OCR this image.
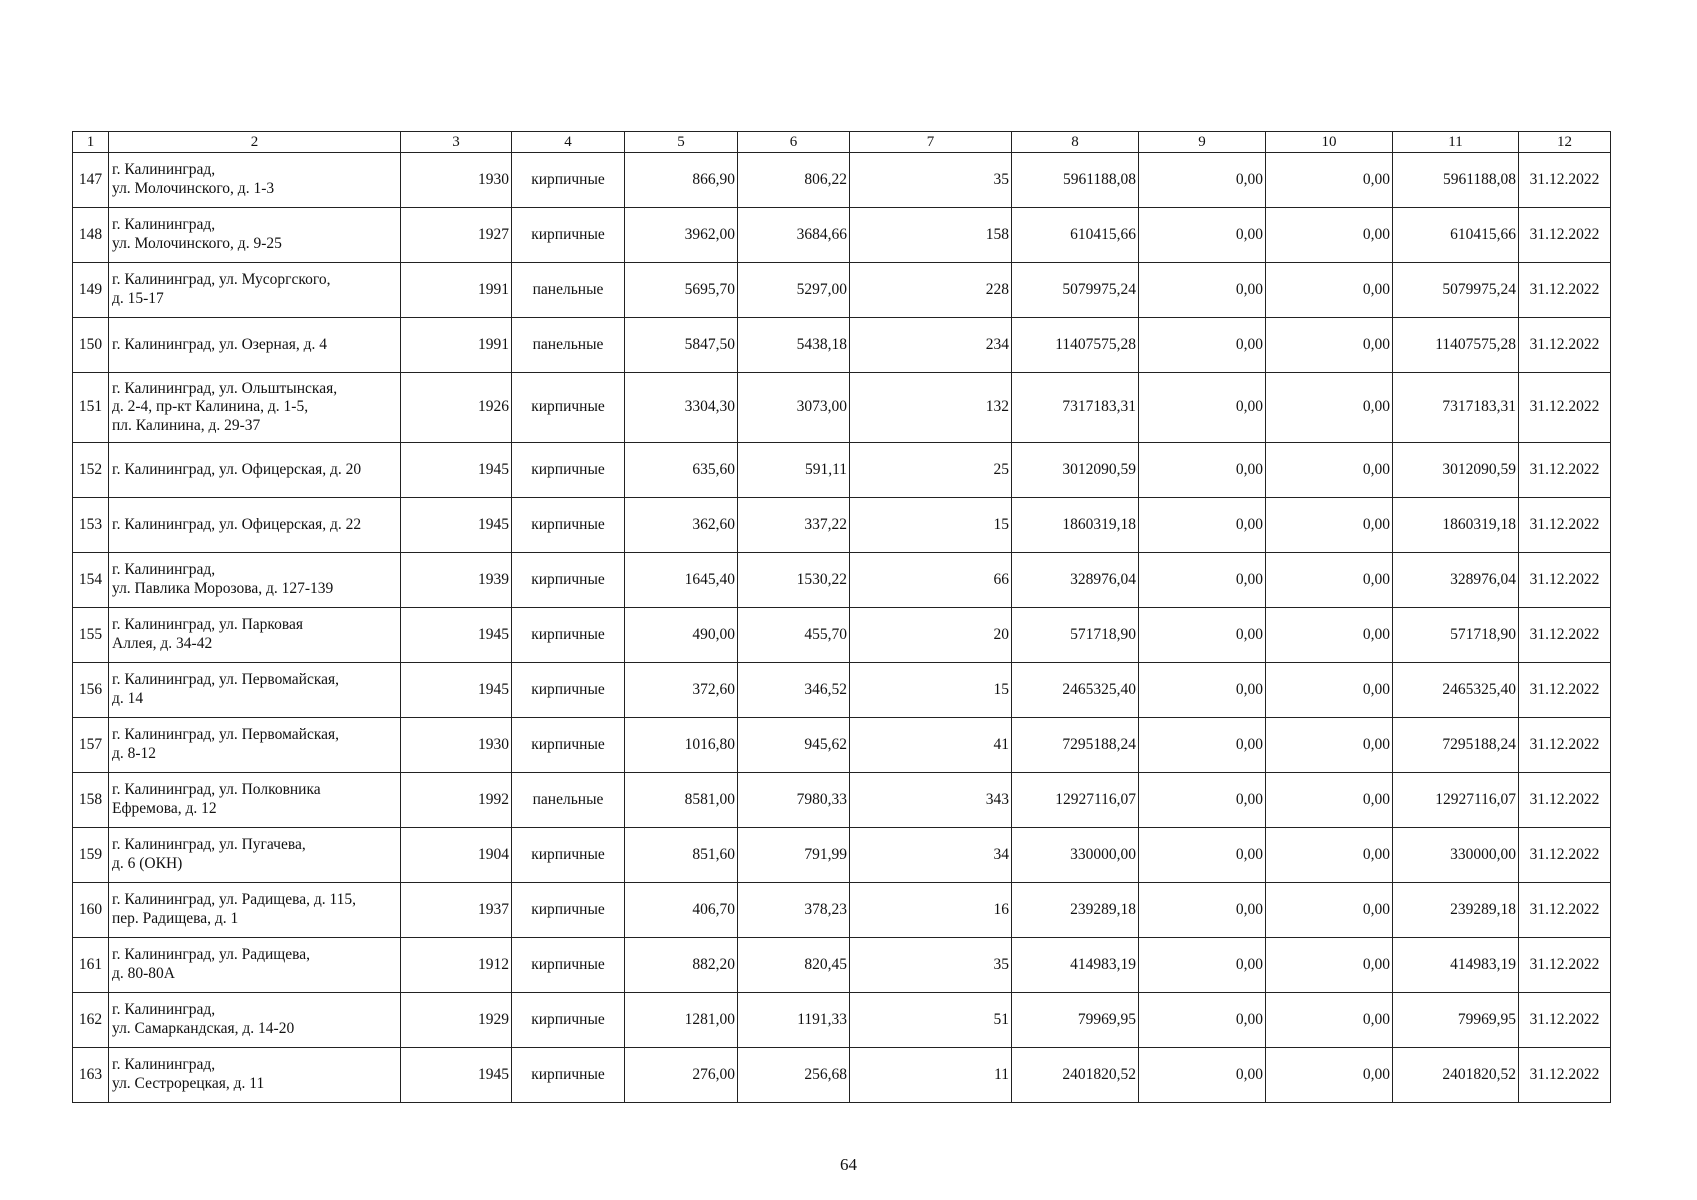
1	2	3	4	5	6	7	8	9	10	11	12
147	г. Калининград,
ул. Молочинского, д. 1-3	1930	кирпичные	866,90	806,22	35	5961188,08	0,00	0,00	5961188,08	31.12.2022
148	г. Калининград,
ул. Молочинского, д. 9-25	1927	кирпичные	3962,00	3684,66	158	610415,66	0,00	0,00	610415,66	31.12.2022
149	г. Калининград, ул. Мусоргского,
д. 15-17	1991	панельные	5695,70	5297,00	228	5079975,24	0,00	0,00	5079975,24	31.12.2022
150	г. Калининград, ул. Озерная, д. 4	1991	панельные	5847,50	5438,18	234	11407575,28	0,00	0,00	11407575,28	31.12.2022
151	г. Калининград, ул. Ольштынская,
д. 2-4, пр-кт Калинина, д. 1-5,
пл. Калинина, д. 29-37	1926	кирпичные	3304,30	3073,00	132	7317183,31	0,00	0,00	7317183,31	31.12.2022
152	г. Калининград, ул. Офицерская, д. 20	1945	кирпичные	635,60	591,11	25	3012090,59	0,00	0,00	3012090,59	31.12.2022
153	г. Калининград, ул. Офицерская, д. 22	1945	кирпичные	362,60	337,22	15	1860319,18	0,00	0,00	1860319,18	31.12.2022
154	г. Калининград,
ул. Павлика Морозова, д. 127-139	1939	кирпичные	1645,40	1530,22	66	328976,04	0,00	0,00	328976,04	31.12.2022
155	г. Калининград, ул. Парковая
Аллея, д. 34-42	1945	кирпичные	490,00	455,70	20	571718,90	0,00	0,00	571718,90	31.12.2022
156	г. Калининград, ул. Первомайская,
д. 14	1945	кирпичные	372,60	346,52	15	2465325,40	0,00	0,00	2465325,40	31.12.2022
157	г. Калининград, ул. Первомайская,
д. 8-12	1930	кирпичные	1016,80	945,62	41	7295188,24	0,00	0,00	7295188,24	31.12.2022
158	г. Калининград, ул. Полковника
Ефремова, д. 12	1992	панельные	8581,00	7980,33	343	12927116,07	0,00	0,00	12927116,07	31.12.2022
159	г. Калининград, ул. Пугачева,
д. 6 (ОКН)	1904	кирпичные	851,60	791,99	34	330000,00	0,00	0,00	330000,00	31.12.2022
160	г. Калининград, ул. Радищева, д. 115,
пер. Радищева, д. 1	1937	кирпичные	406,70	378,23	16	239289,18	0,00	0,00	239289,18	31.12.2022
161	г. Калининград, ул. Радищева,
д. 80-80А	1912	кирпичные	882,20	820,45	35	414983,19	0,00	0,00	414983,19	31.12.2022
162	г. Калининград,
ул. Самаркандская, д. 14-20	1929	кирпичные	1281,00	1191,33	51	79969,95	0,00	0,00	79969,95	31.12.2022
163	г. Калининград,
ул. Сестрорецкая, д. 11	1945	кирпичные	276,00	256,68	11	2401820,52	0,00	0,00	2401820,52	31.12.2022
64
